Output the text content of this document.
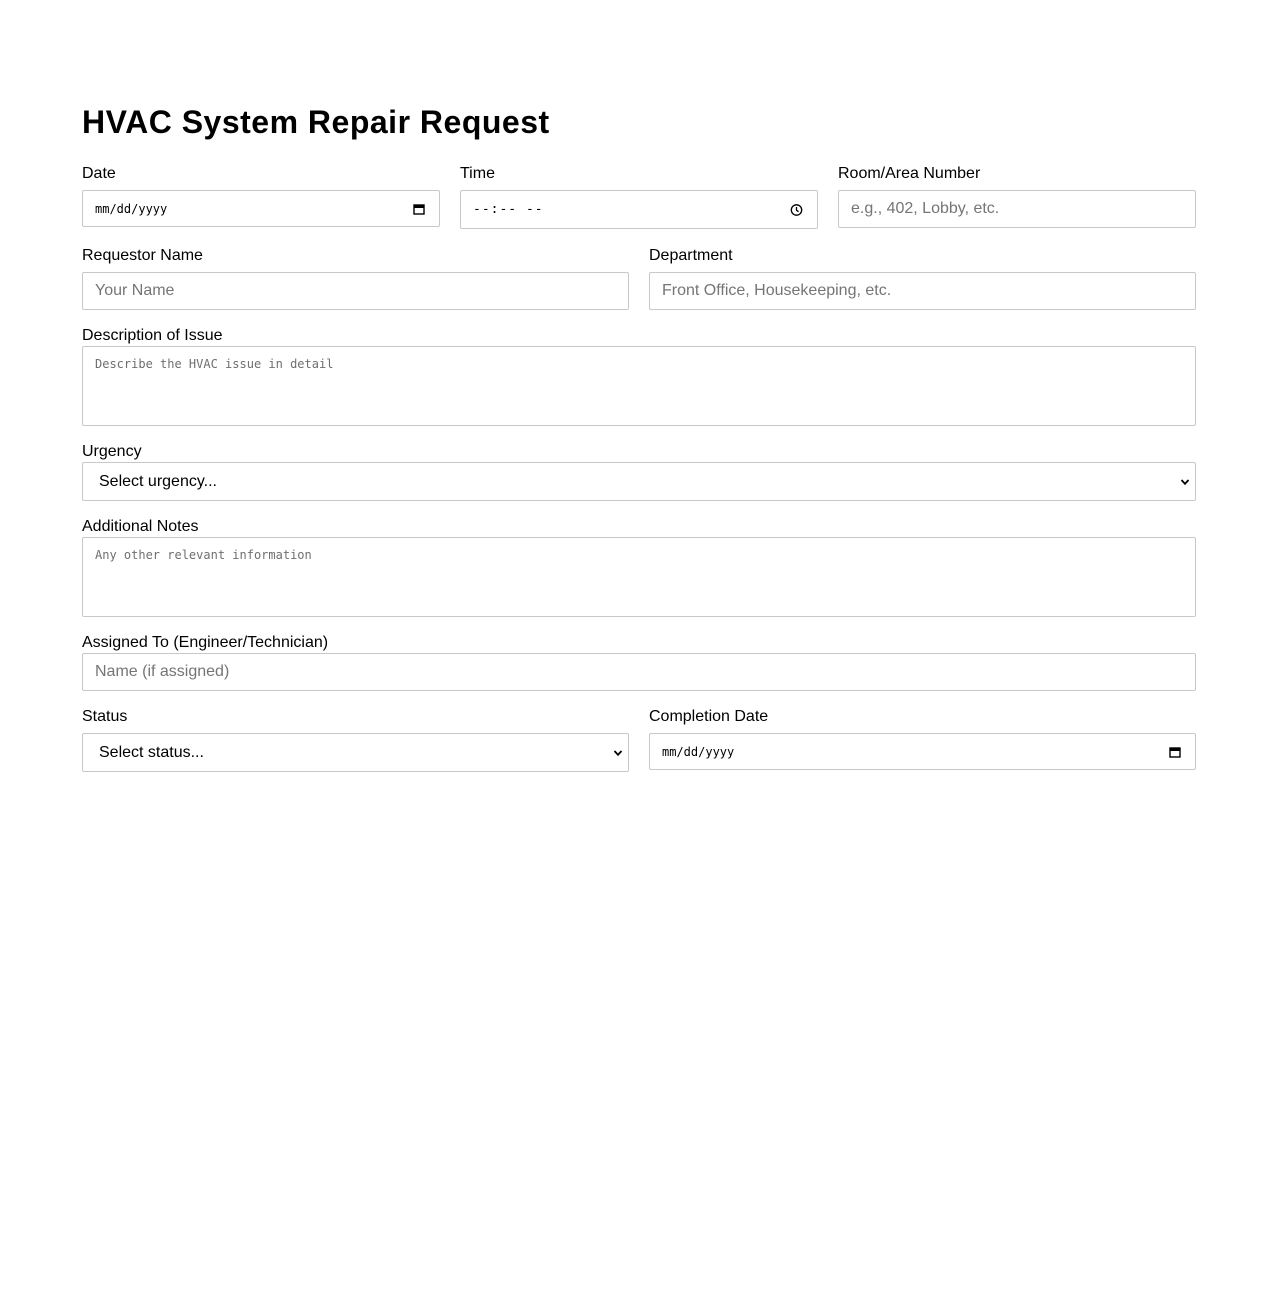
HVAC System Repair Request
Date
mm/dd/yyyy
Time
--:-- --
Room/Area Number
e.g., 402, Lobby, etc.
Requestor Name
Your Name
Department
Front Office, Housekeeping, etc.
Description of Issue
Describe the HVAC issue in detail
Urgency
Select urgency...
Additional Notes
Any other relevant information
Assigned To (Engineer/Technician)
Name (if assigned)
Status
Select status...
Completion Date
mm/dd/yyyy
